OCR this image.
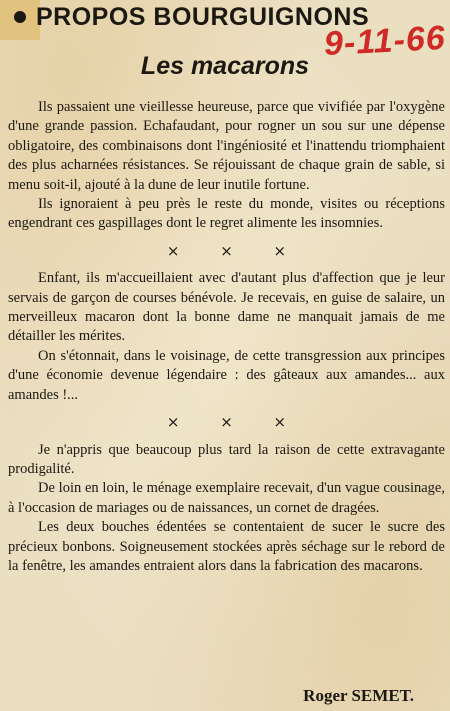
PROPOS BOURGUIGNONS
9-11-66
Les macarons

Ils passaient une vieillesse heureuse, parce que vivifiée par l'oxygène d'une grande passion. Echafaudant, pour rogner un sou sur une dépense obligatoire, des combinaisons dont l'ingéniosité et l'inattendu triomphaient des plus acharnées résistances. Se réjouissant de chaque grain de sable, si menu soit-il, ajouté à la dune de leur inutile fortune.

Ils ignoraient à peu près le reste du monde, visites ou réceptions engendrant ces gaspillages dont le regret alimente les insomnies.

× × ×

Enfant, ils m'accueillaient avec d'autant plus d'affection que je leur servais de garçon de courses bénévole. Je recevais, en guise de salaire, un merveilleux macaron dont la bonne dame ne manquait jamais de me détailler les mérites.

On s'étonnait, dans le voisinage, de cette transgression aux principes d'une économie devenue légendaire : des gâteaux aux amandes... aux amandes !...

× × ×

Je n'appris que beaucoup plus tard la raison de cette extravagante prodigalité.

De loin en loin, le ménage exemplaire recevait, d'un vague cousinage, à l'occasion de mariages ou de naissances, un cornet de dragées.

Les deux bouches édentées se contentaient de sucer le sucre des précieux bonbons. Soigneusement stockées après séchage sur le rebord de la fenêtre, les amandes entraient alors dans la fabrication des macarons.

Roger SEMET.
